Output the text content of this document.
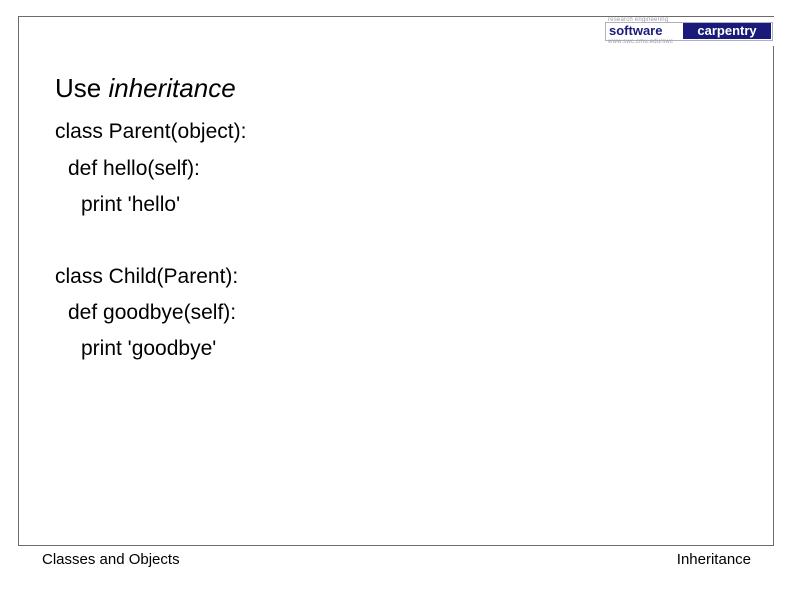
research engineering
software	carpentry
www.swc.cmu.edu/swc
Use inheritance
class Parent(object):
def hello(self):
print 'hello'
class Child(Parent):
def goodbye(self):
print 'goodbye'
Classes and Objects	Inheritance
